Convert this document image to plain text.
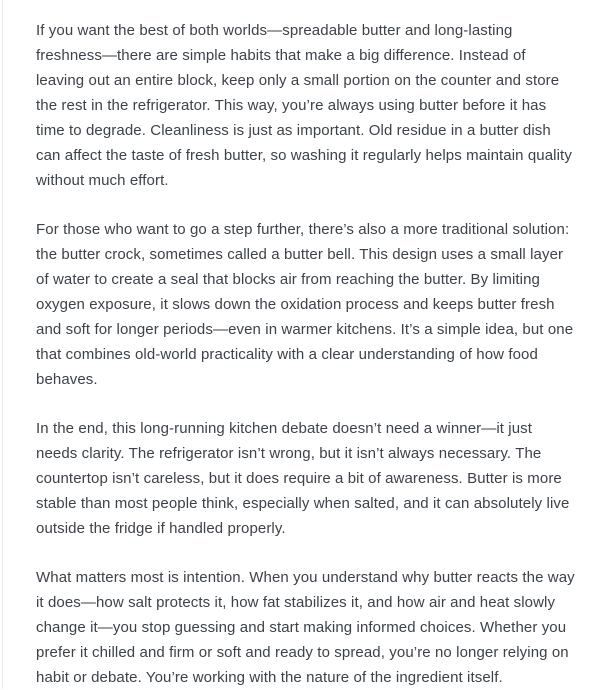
If you want the best of both worlds—spreadable butter and long-lasting freshness—there are simple habits that make a big difference. Instead of leaving out an entire block, keep only a small portion on the counter and store the rest in the refrigerator. This way, you’re always using butter before it has time to degrade. Cleanliness is just as important. Old residue in a butter dish can affect the taste of fresh butter, so washing it regularly helps maintain quality without much effort.

For those who want to go a step further, there’s also a more traditional solution: the butter crock, sometimes called a butter bell. This design uses a small layer of water to create a seal that blocks air from reaching the butter. By limiting oxygen exposure, it slows down the oxidation process and keeps butter fresh and soft for longer periods—even in warmer kitchens. It’s a simple idea, but one that combines old-world practicality with a clear understanding of how food behaves.

In the end, this long-running kitchen debate doesn’t need a winner—it just needs clarity. The refrigerator isn’t wrong, but it isn’t always necessary. The countertop isn’t careless, but it does require a bit of awareness. Butter is more stable than most people think, especially when salted, and it can absolutely live outside the fridge if handled properly.

What matters most is intention. When you understand why butter reacts the way it does—how salt protects it, how fat stabilizes it, and how air and heat slowly change it—you stop guessing and start making informed choices. Whether you prefer it chilled and firm or soft and ready to spread, you’re no longer relying on habit or debate. You’re working with the nature of the ingredient itself.
